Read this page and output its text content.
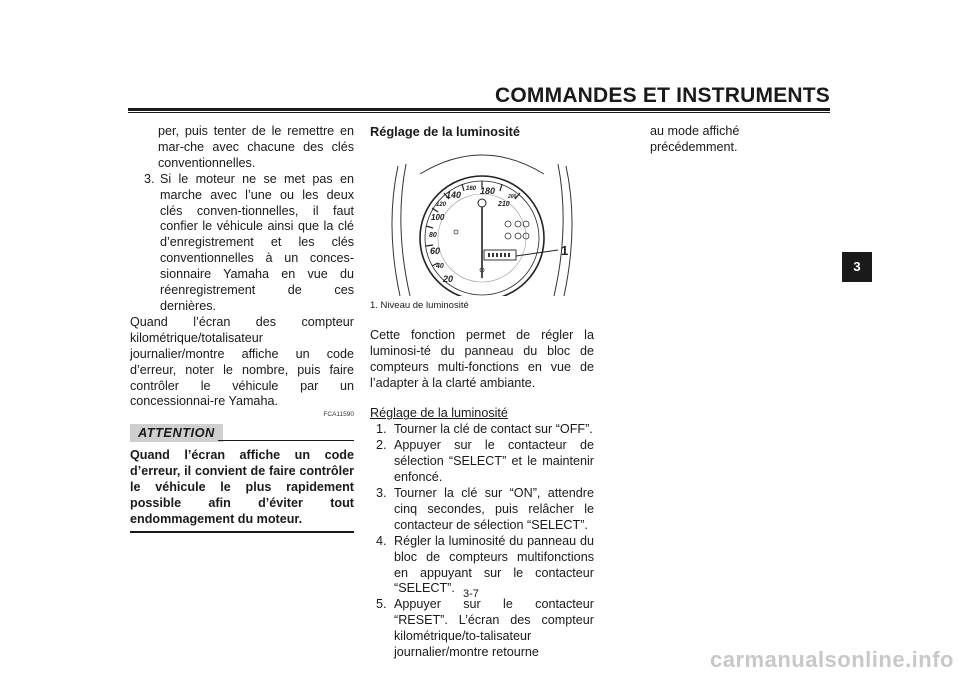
COMMANDES ET INSTRUMENTS
3

per, puis tenter de le remettre en mar-che avec chacune des clés conventionnelles.

3. Si le moteur ne se met pas en marche avec l’une ou les deux clés conven-tionnelles, il faut confier le véhicule ainsi que la clé d’enregistrement et les clés conventionnelles à un conces-sionnaire Yamaha en vue du réenregistrement de ces dernières.

Quand l’écran des compteur kilométrique/totalisateur journalier/montre affiche un code d’erreur, noter le nombre, puis faire contrôler le véhicule par un concessionnai-re Yamaha.

FCA11590
ATTENTION

Quand l’écran affiche un code d’erreur, il convient de faire contrôler le véhicule le plus rapidement possible afin d’éviter tout endommagement du moteur.

Réglage de la luminosité

20
40
60
80
100
120
140
160 180
200
210
1

1. Niveau de luminosité

Cette fonction permet de régler la luminosi-té du panneau du bloc de compteurs multi-fonctions en vue de l’adapter à la clarté ambiante.

Réglage de la luminosité

1. Tourner la clé de contact sur “OFF”.
2. Appuyer sur le contacteur de sélection “SELECT” et le maintenir enfoncé.
3. Tourner la clé sur “ON”, attendre cinq secondes, puis relâcher le contacteur de sélection “SELECT”.
4. Régler la luminosité du panneau du bloc de compteurs multifonctions en appuyant sur le contacteur “SELECT”.
5. Appuyer sur le contacteur “RESET”. L’écran des compteur kilométrique/to-talisateur journalier/montre retourne

au mode affiché précédemment.

3-7
carmanualsonline.info
